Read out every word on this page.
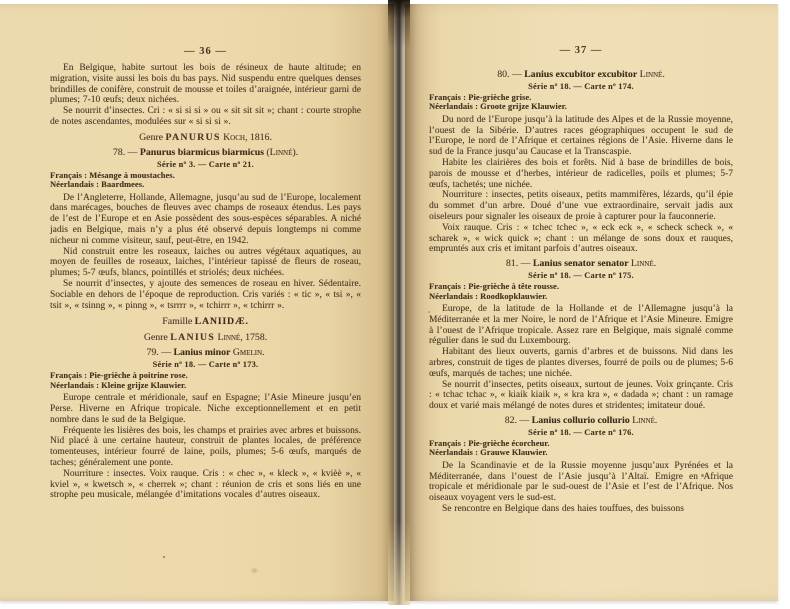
— 36 —

En Belgique, habite surtout les bois de résineux de haute altitude; en migration, visite aussi les bois du bas pays. Nid suspendu entre quelques denses brindilles de conifère, construit de mousse et toiles d’araignée, intérieur garni de plumes; 7-10 œufs; deux nichées.

Se nourrit d’insectes. Cri : « si si si » ou « sit sit sit »; chant : courte strophe de notes ascendantes, modulées sur « si si si ».

Genre PANURUS Koch, 1816.

78. — Panurus biarmicus biarmicus (Linné).

Série nº 3. — Carte nº 21.

Français : Mésange à moustaches.

Néerlandais : Baardmees.

De l’Angleterre, Hollande, Allemagne, jusqu’au sud de l’Europe, localement dans marécages, bouches de fleuves avec champs de roseaux étendus. Les pays de l’est de l’Europe et en Asie possèdent des sous-espèces séparables. A niché jadis en Belgique, mais n’y a plus été observé depuis longtemps ni comme nicheur ni comme visiteur, sauf, peut-être, en 1942.

Nid construit entre les roseaux, laiches ou autres végétaux aquatiques, au moyen de feuilles de roseaux, laiches, l’intérieur tapissé de fleurs de roseau, plumes; 5-7 œufs, blancs, pointillés et striolés; deux nichées.

Se nourrit d’insectes, y ajoute des semences de roseau en hiver. Sédentaire. Sociable en dehors de l’époque de reproduction. Cris variés : « tic », « tsi », « tsit », « tsinng », « pinng », « tsrrrr », « tchirrr », « tchirrr ».

Famille LANIIDÆ.

Genre LANIUS Linné, 1758.

79. — Lanius minor Gmelin.

Série nº 18. — Carte nº 173.

Français : Pie-grièche à poitrine rose.

Néerlandais : Kleine grijze Klauwier.

Europe centrale et méridionale, sauf en Espagne; l’Asie Mineure jusqu’en Perse. Hiverne en Afrique tropicale. Niche exceptionnellement et en petit nombre dans le sud de la Belgique.

Fréquente les lisières des bois, les champs et prairies avec arbres et buissons. Nid placé à une certaine hauteur, construit de plantes locales, de préférence tomenteuses, intérieur fourré de laine, poils, plumes; 5-6 œufs, marqués de taches; généralement une ponte.

Nourriture : insectes. Voix rauque. Cris : « chec », « kleck », « kvièè », « kviel », « kwetsch », « cherrek »; chant : réunion de cris et sons liés en une strophe peu musicale, mélangée d’imitations vocales d’autres oiseaux.

— 37 —

80. — Lanius excubitor excubitor Linné.

Série nº 18. — Carte nº 174.

Français : Pie-grièche grise.

Néerlandais : Groote grijze Klauwier.

Du nord de l’Europe jusqu’à la latitude des Alpes et de la Russie moyenne, l’ouest de la Sibérie. D’autres races géographiques occupent le sud de l’Europe, le nord de l’Afrique et certaines régions de l’Asie. Hiverne dans le sud de la France jusqu’au Caucase et la Transcaspie.

Habite les clairières des bois et forêts. Nid à base de brindilles de bois, parois de mousse et d’herbes, intérieur de radicelles, poils et plumes; 5-7 œufs, tachetés; une nichée.

Nourriture : insectes, petits oiseaux, petits mammifères, lézards, qu’il épie du sommet d’un arbre. Doué d’une vue extraordinaire, servait jadis aux oiseleurs pour signaler les oiseaux de proie à capturer pour la fauconnerie.

Voix rauque. Cris : « tchec tchec », « eck eck », « scheck scheck », « scharek », « wick quick »; chant : un mélange de sons doux et rauques, empruntés aux cris et imitant parfois d’autres oiseaux.

81. — Lanius senator senator Linné.

Série nº 18. — Carte nº 175.

Français : Pie-grièche à tête rousse.

Néerlandais : Roodkopklauwier.

Europe, de la latitude de la Hollande et de l’Allemagne jusqu’à la Méditerranée et la mer Noire, le nord de l’Afrique et l’Asie Mineure. Emigre à l’ouest de l’Afrique tropicale. Assez rare en Belgique, mais signalé comme régulier dans le sud du Luxembourg.

Habitant des lieux ouverts, garnis d’arbres et de buissons. Nid dans les arbres, construit de tiges de plantes diverses, fourré de poils ou de plumes; 5-6 œufs, marqués de taches; une nichée.

Se nourrit d’insectes, petits oiseaux, surtout de jeunes. Voix grinçante. Cris : « tchac tchac », « kiaik kiaik », « kra kra », « dadada »; chant : un ramage doux et varié mais mélangé de notes dures et stridentes; imitateur doué.

82. — Lanius collurio collurio Linné.

Série nº 18. — Carte nº 176.

Français : Pie-grièche écorcheur.

Néerlandais : Grauwe Klauwier.

De la Scandinavie et de la Russie moyenne jusqu’aux Pyrénées et la Méditerranée, dans l’ouest de l’Asie jusqu’à l’Altaï. Emigre en Afrique tropicale et méridionale par le sud-ouest de l’Asie et l’est de l’Afrique. Nos oiseaux voyagent vers le sud-est.

Se rencontre en Belgique dans des haies touffues, des buissons
